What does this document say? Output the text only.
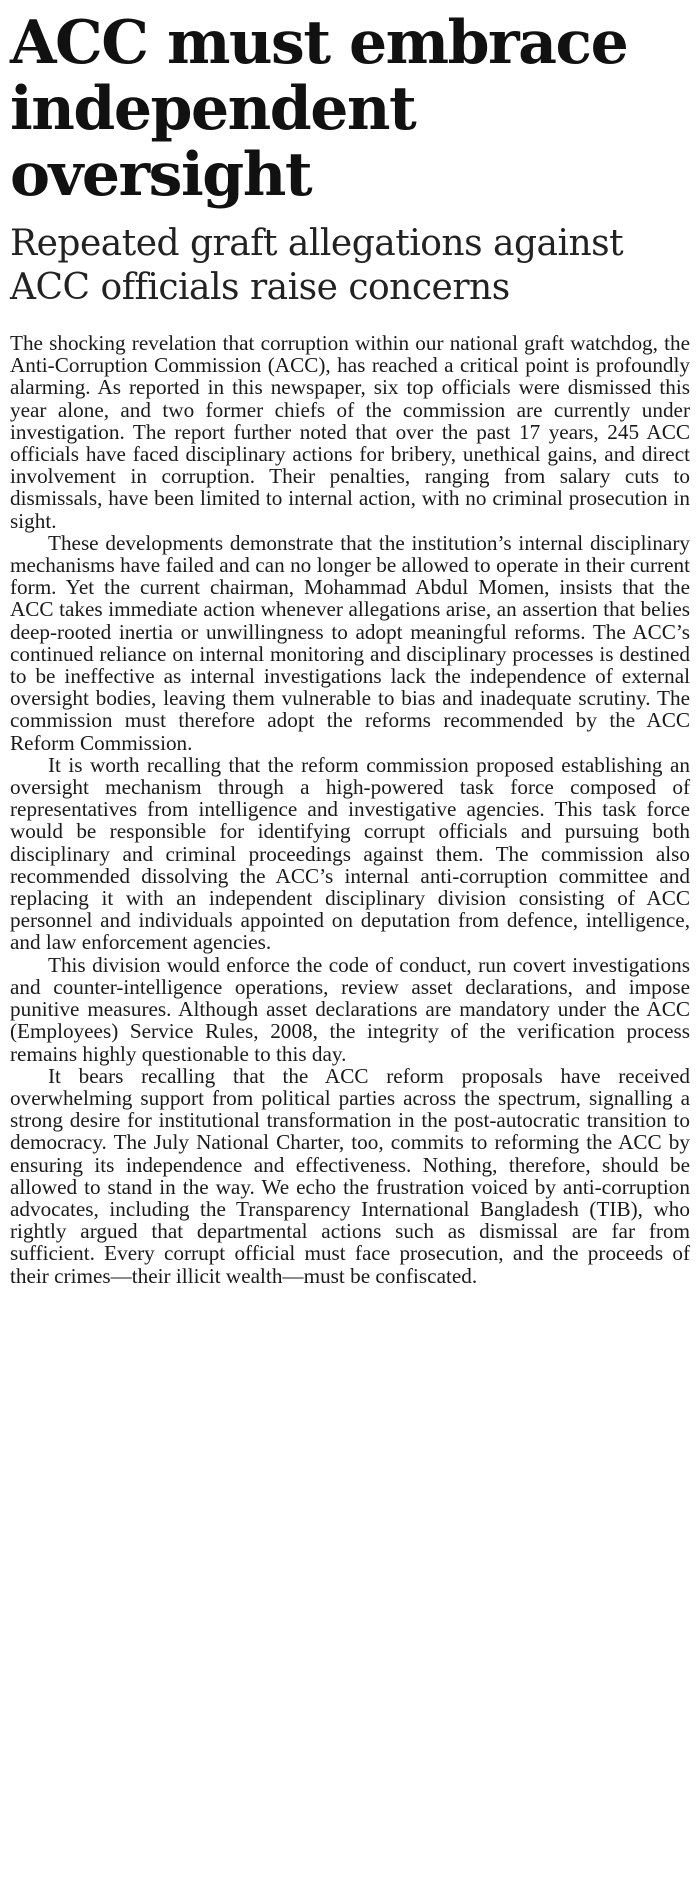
ACC must embrace independent oversight
Repeated graft allegations against ACC officials raise concerns

The shocking revelation that corruption within our national graft watchdog, the Anti-Corruption Commission (ACC), has reached a critical point is profoundly alarming. As reported in this newspaper, six top officials were dismissed this year alone, and two former chiefs of the commission are currently under investigation. The report further noted that over the past 17 years, 245 ACC officials have faced disciplinary actions for bribery, unethical gains, and direct involvement in corruption. Their penalties, ranging from salary cuts to dismissals, have been limited to internal action, with no criminal prosecution in sight.

These developments demonstrate that the institution’s internal disciplinary mechanisms have failed and can no longer be allowed to operate in their current form. Yet the current chairman, Mohammad Abdul Momen, insists that the ACC takes immediate action whenever allegations arise, an assertion that belies deep-rooted inertia or unwillingness to adopt meaningful reforms. The ACC’s continued reliance on internal monitoring and disciplinary processes is destined to be ineffective as internal investigations lack the independence of external oversight bodies, leaving them vulnerable to bias and inadequate scrutiny. The commission must therefore adopt the reforms recommended by the ACC Reform Commission.

It is worth recalling that the reform commission proposed establishing an oversight mechanism through a high-powered task force composed of representatives from intelligence and investigative agencies. This task force would be responsible for identifying corrupt officials and pursuing both disciplinary and criminal proceedings against them. The commission also recommended dissolving the ACC’s internal anti-corruption committee and replacing it with an independent disciplinary division consisting of ACC personnel and individuals appointed on deputation from defence, intelligence, and law enforcement agencies.

This division would enforce the code of conduct, run covert investigations and counter-intelligence operations, review asset declarations, and impose punitive measures. Although asset declarations are mandatory under the ACC (Employees) Service Rules, 2008, the integrity of the verification process remains highly questionable to this day.

It bears recalling that the ACC reform proposals have received overwhelming support from political parties across the spectrum, signalling a strong desire for institutional transformation in the post-autocratic transition to democracy. The July National Charter, too, commits to reforming the ACC by ensuring its independence and effectiveness. Nothing, therefore, should be allowed to stand in the way. We echo the frustration voiced by anti-corruption advocates, including the Transparency International Bangladesh (TIB), who rightly argued that departmental actions such as dismissal are far from sufficient. Every corrupt official must face prosecution, and the proceeds of their crimes—their illicit wealth—must be confiscated.
